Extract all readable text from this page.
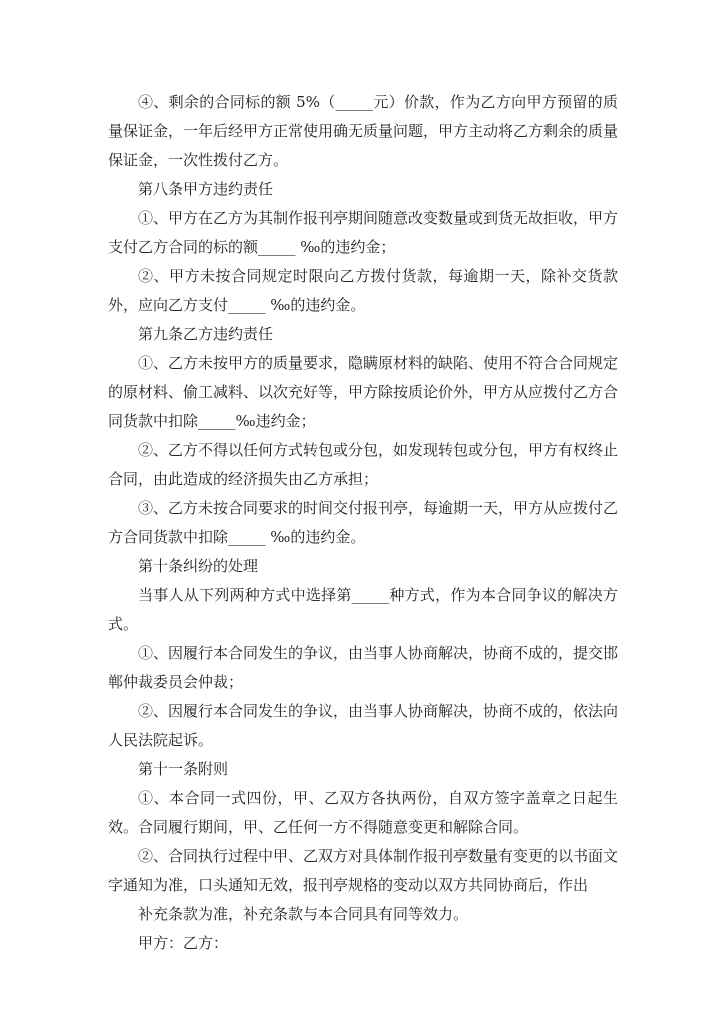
④、剩余的合同标的额 5%（_____元）价款，作为乙方向甲方预留的质量保证金，一年后经甲方正常使用确无质量问题，甲方主动将乙方剩余的质量保证金，一次性拨付乙方。

第八条甲方违约责任

①、甲方在乙方为其制作报刊亭期间随意改变数量或到货无故拒收，甲方支付乙方合同的标的额_____ ‰的违约金；

②、甲方未按合同规定时限向乙方拨付货款，每逾期一天，除补交货款外，应向乙方支付_____ ‰的违约金。

第九条乙方违约责任

①、乙方未按甲方的质量要求，隐瞒原材料的缺陷、使用不符合合同规定的原材料、偷工减料、以次充好等，甲方除按质论价外，甲方从应拨付乙方合同货款中扣除_____‰违约金；

②、乙方不得以任何方式转包或分包，如发现转包或分包，甲方有权终止合同，由此造成的经济损失由乙方承担；

③、乙方未按合同要求的时间交付报刊亭，每逾期一天，甲方从应拨付乙方合同货款中扣除_____ ‰的违约金。

第十条纠纷的处理

当事人从下列两种方式中选择第_____种方式，作为本合同争议的解决方式。

①、因履行本合同发生的争议，由当事人协商解决，协商不成的，提交邯郸仲裁委员会仲裁；

②、因履行本合同发生的争议，由当事人协商解决，协商不成的，依法向人民法院起诉。

第十一条附则

①、本合同一式四份，甲、乙双方各执两份，自双方签字盖章之日起生效。合同履行期间，甲、乙任何一方不得随意变更和解除合同。

②、合同执行过程中甲、乙双方对具体制作报刊亭数量有变更的以书面文字通知为准，口头通知无效，报刊亭规格的变动以双方共同协商后，作出

补充条款为准，补充条款与本合同具有同等效力。

甲方：乙方：
